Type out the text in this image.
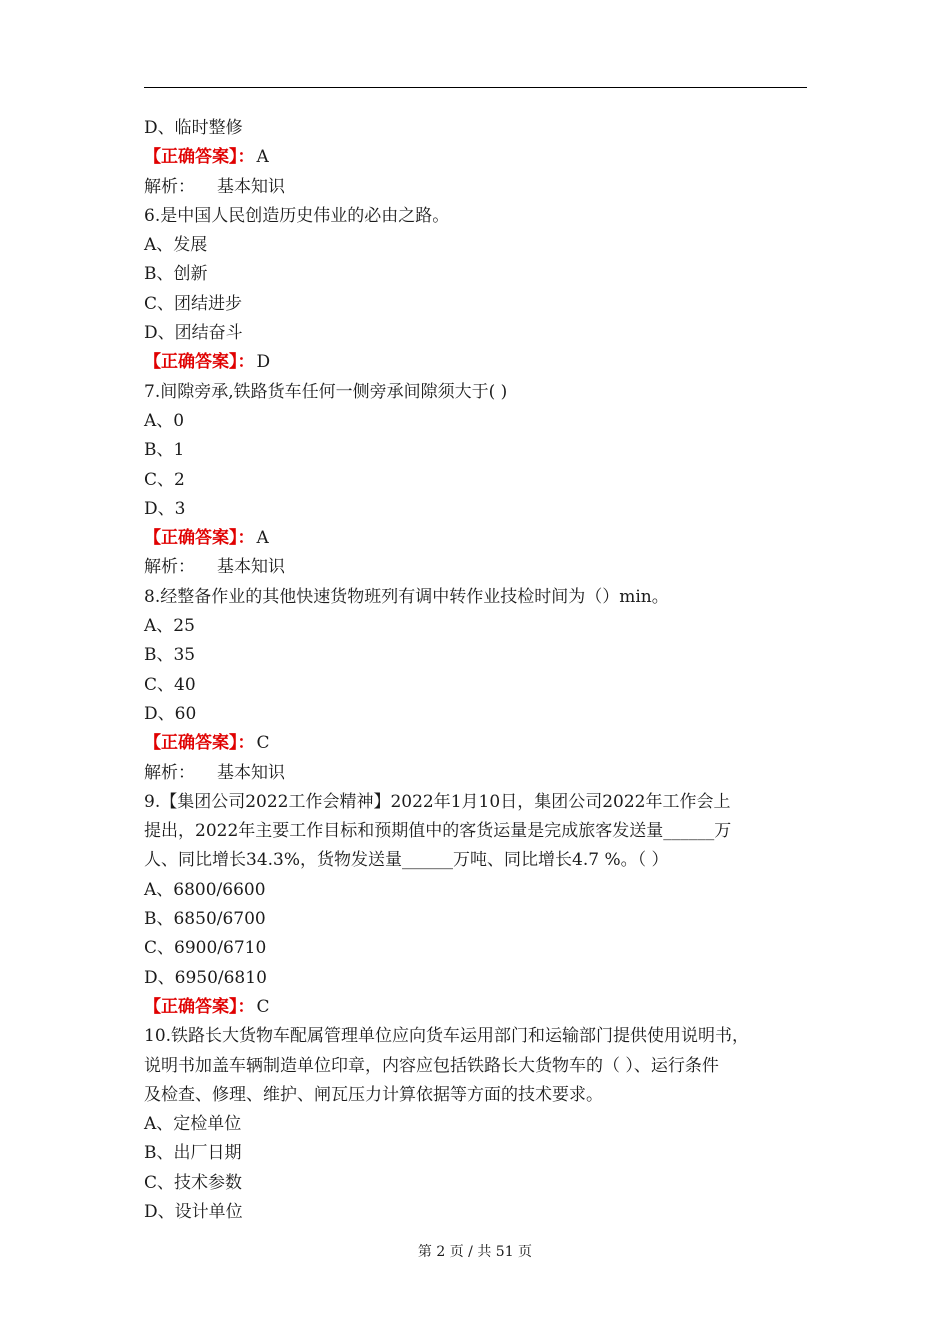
D、临时整修
【正确答案】： A
解析： 基本知识
6.是中国人民创造历史伟业的必由之路。
A、发展
B、创新
C、团结进步
D、团结奋斗
【正确答案】： D
7.间隙旁承,铁路货车任何一侧旁承间隙须大于( )
A、0
B、1
C、2
D、3
【正确答案】： A
解析： 基本知识
8.经整备作业的其他快速货物班列有调中转作业技检时间为（）min。
A、25
B、35
C、40
D、60
【正确答案】： C
解析： 基本知识
9.【集团公司2022工作会精神】2022年1月10日，集团公司2022年工作会上
提出，2022年主要工作目标和预期值中的客货运量是完成旅客发送量______万
人、同比增长34.3%，货物发送量______万吨、同比增长4.7 %。（ ）
A、6800/6600
B、6850/6700
C、6900/6710
D、6950/6810
【正确答案】： C
10.铁路长大货物车配属管理单位应向货车运用部门和运输部门提供使用说明书，
说明书加盖车辆制造单位印章，内容应包括铁路长大货物车的（ ）、运行条件
及检查、修理、维护、闸瓦压力计算依据等方面的技术要求。
A、定检单位
B、出厂日期
C、技术参数
D、设计单位
第 2 页 / 共 51 页
